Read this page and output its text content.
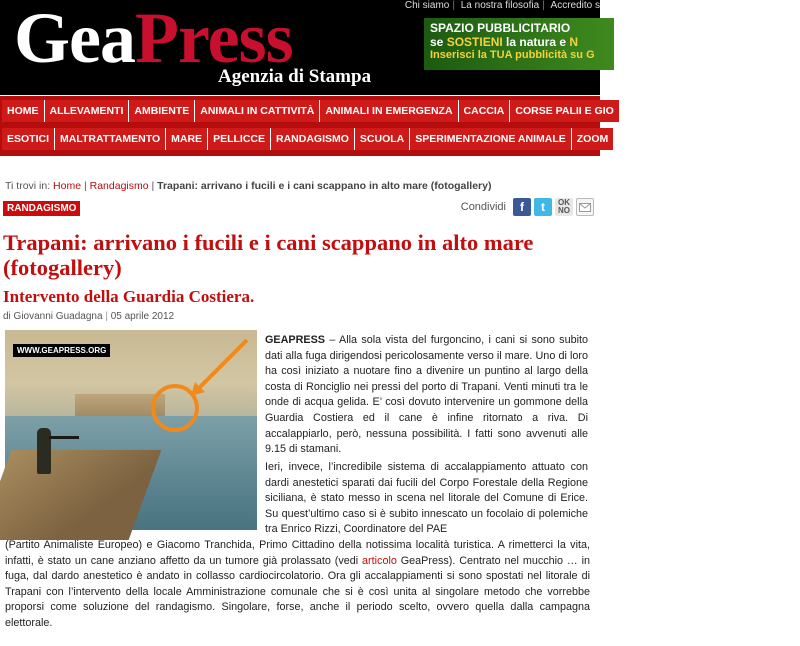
Chi siamo | La nostra filosofia | Accredito s
GeaPress
Agenzia di Stampa
SPAZIO PUBBLICITARIO
se SOSTIENI la natura e N
Inserisci la TUA pubblicità su G
HOME	ALLEVAMENTI	AMBIENTE	ANIMALI IN CATTIVITÀ	ANIMALI IN EMERGENZA	CACCIA	CORSE PALII E GIO
ESOTICI	MALTRATTAMENTO	MARE	PELLICCE	RANDAGISMO	SCUOLA	SPERIMENTAZIONE ANIMALE	ZOOM
Ti trovi in: Home | Randagismo | Trapani: arrivano i fucili e i cani scappano in alto mare (fotogallery)
RANDAGISMO	Condividi	f	t	OK
NO
Trapani: arrivano i fucili e i cani scappano in alto mare (fotogallery)
Intervento della Guardia Costiera.
di Giovanni Guadagna | 05 aprile 2012
WWW.GEAPRESS.ORG

GEAPRESS – Alla sola vista del furgoncino, i cani si sono subito dati alla fuga dirigendosi pericolosamente verso il mare. Uno di loro ha così iniziato a nuotare fino a divenire un puntino al largo della costa di Ronciglio nei pressi del porto di Trapani. Venti minuti tra le onde di acqua gelida. E’ così dovuto intervenire un gommone della Guardia Costiera ed il cane è infine ritornato a riva. Di accalappiarlo, però, nessuna possibilità. I fatti sono avvenuti alle 9.15 di stamani.

Ieri, invece, l’incredibile sistema di accalappiamento attuato con dardi anestetici sparati dai fucili del Corpo Forestale della Regione siciliana, è stato messo in scena nel litorale del Comune di Erice. Su quest’ultimo caso si è subito innescato un focolaio di polemiche tra Enrico Rizzi, Coordinatore del PAE

(Partito Animaliste Europeo) e Giacomo Tranchida, Primo Cittadino della notissima località turistica. A rimetterci la vita, infatti, è stato un cane anziano affetto da un tumore già prolassato (vedi articolo GeaPress). Centrato nel mucchio … in fuga, dal dardo anestetico è andato in collasso cardiocircolatorio. Ora gli accalappiamenti si sono spostati nel litorale di Trapani con l’intervento della locale Amministrazione comunale che si è così unita al singolare metodo che vorrebbe proporsi come soluzione del randagismo. Singolare, forse, anche il periodo scelto, ovvero quella dalla campagna elettorale.
